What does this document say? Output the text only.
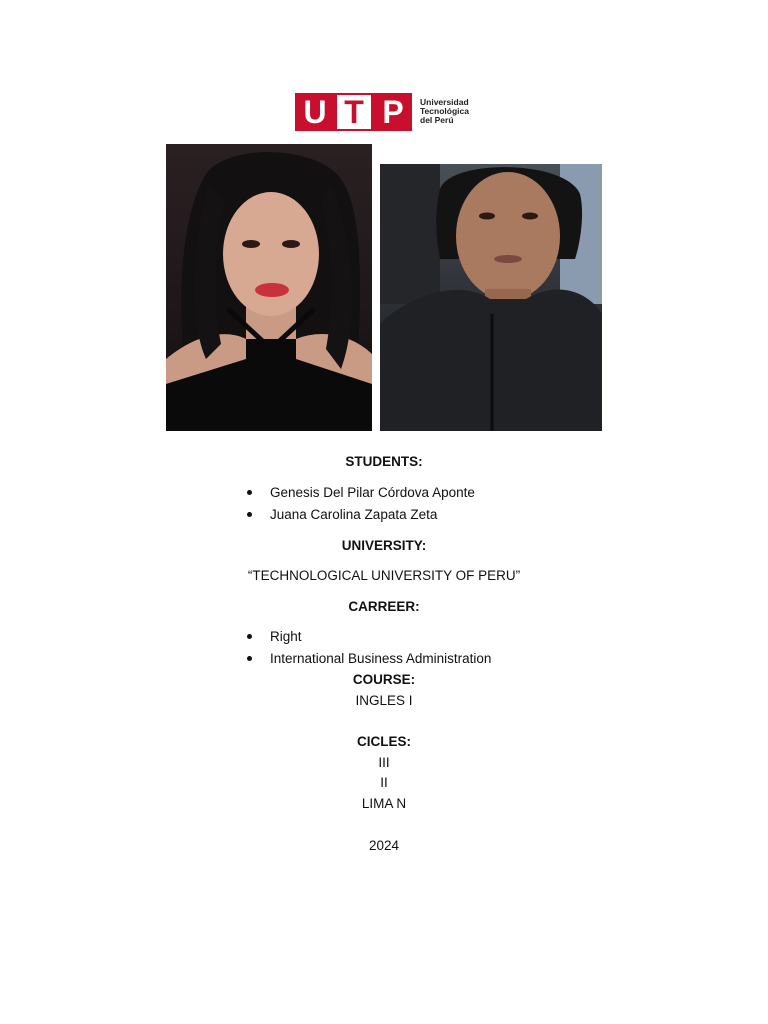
U T P	Universidad
Tecnológica
del Perú
STUDENTS:
Genesis Del Pilar Córdova Aponte
Juana Carolina Zapata Zeta
UNIVERSITY:
“TECHNOLOGICAL UNIVERSITY OF PERU”
CARREER:
Right
International Business Administration
COURSE:
INGLES I
CICLES:
III
II
LIMA N
2024
